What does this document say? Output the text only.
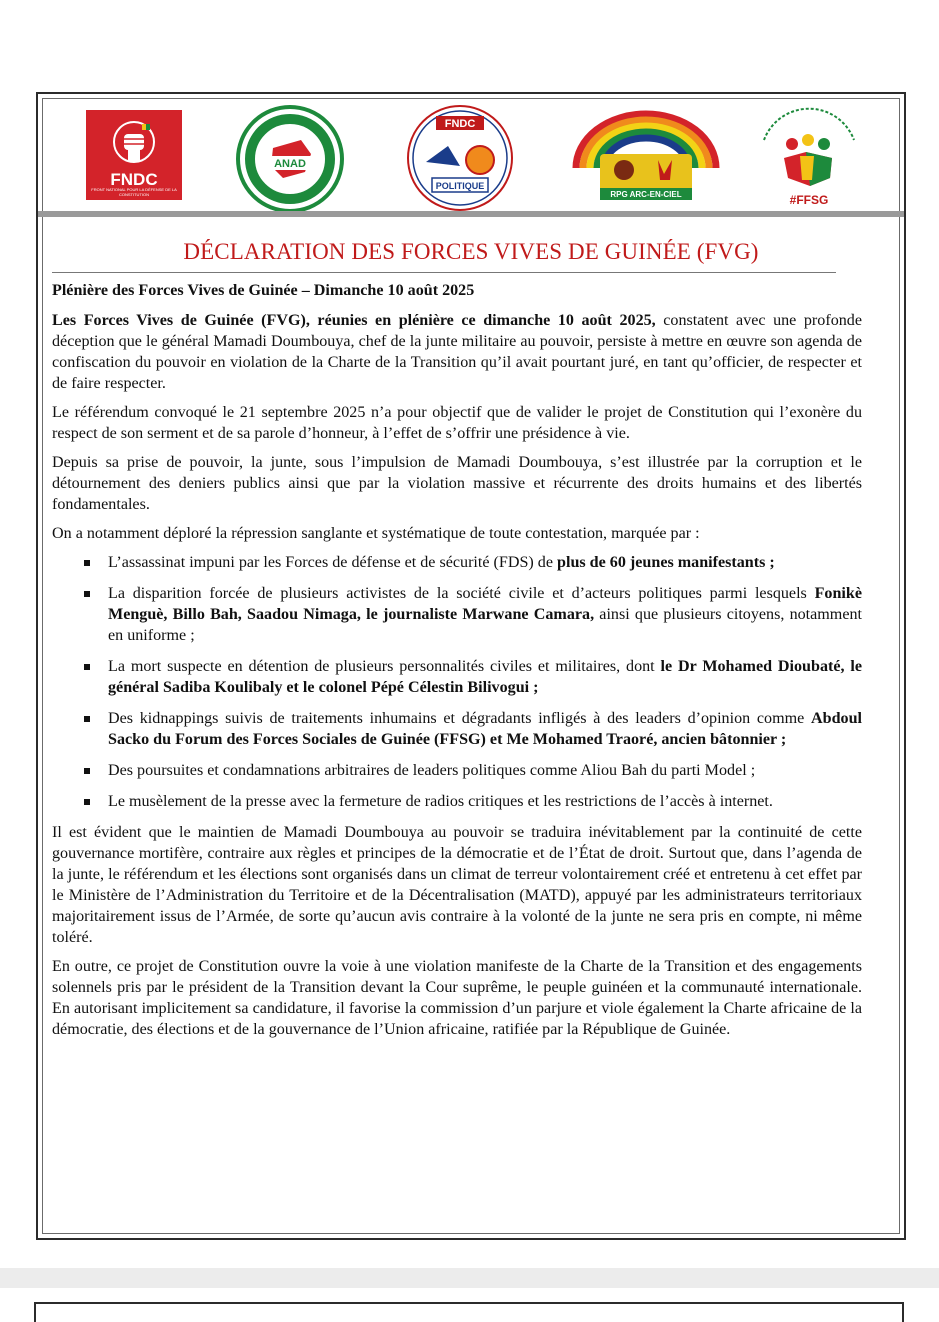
FNDC
FRONT NATIONAL POUR LA DÉFENSE DE LA CONSTITUTION
ANAD
FNDC
POLITIQUE
RPG ARC-EN-CIEL	#FFSG
DÉCLARATION DES FORCES VIVES DE GUINÉE (FVG)

Plénière des Forces Vives de Guinée – Dimanche 10 août 2025

Les Forces Vives de Guinée (FVG), réunies en plénière ce dimanche 10 août 2025, constatent avec une profonde déception que le général Mamadi Doumbouya, chef de la junte militaire au pouvoir, persiste à mettre en œuvre son agenda de confiscation du pouvoir en violation de la Charte de la Transition qu’il avait pourtant juré, en tant qu’officier, de respecter et de faire respecter.

Le référendum convoqué le 21 septembre 2025 n’a pour objectif que de valider le projet de Constitution qui l’exonère du respect de son serment et de sa parole d’honneur, à l’effet de s’offrir une présidence à vie.

Depuis sa prise de pouvoir, la junte, sous l’impulsion de Mamadi Doumbouya, s’est illustrée par la corruption et le détournement des deniers publics ainsi que par la violation massive et récurrente des droits humains et des libertés fondamentales.

On a notamment déploré la répression sanglante et systématique de toute contestation, marquée par :

L’assassinat impuni par les Forces de défense et de sécurité (FDS) de plus de 60 jeunes manifestants ;
La disparition forcée de plusieurs activistes de la société civile et d’acteurs politiques parmi lesquels Fonikè Menguè, Billo Bah, Saadou Nimaga, le journaliste Marwane Camara, ainsi que plusieurs citoyens, notamment en uniforme ;
La mort suspecte en détention de plusieurs personnalités civiles et militaires, dont le Dr Mohamed Dioubaté, le général Sadiba Koulibaly et le colonel Pépé Célestin Bilivogui ;
Des kidnappings suivis de traitements inhumains et dégradants infligés à des leaders d’opinion comme Abdoul Sacko du Forum des Forces Sociales de Guinée (FFSG) et Me Mohamed Traoré, ancien bâtonnier ;
Des poursuites et condamnations arbitraires de leaders politiques comme Aliou Bah du parti Model ;
Le musèlement de la presse avec la fermeture de radios critiques et les restrictions de l’accès à internet.

Il est évident que le maintien de Mamadi Doumbouya au pouvoir se traduira inévitablement par la continuité de cette gouvernance mortifère, contraire aux règles et principes de la démocratie et de l’État de droit. Surtout que, dans l’agenda de la junte, le référendum et les élections sont organisés dans un climat de terreur volontairement créé et entretenu à cet effet par le Ministère de l’Administration du Territoire et de la Décentralisation (MATD), appuyé par les administrateurs territoriaux majoritairement issus de l’Armée, de sorte qu’aucun avis contraire à la volonté de la junte ne sera pris en compte, ni même toléré.

En outre, ce projet de Constitution ouvre la voie à une violation manifeste de la Charte de la Transition et des engagements solennels pris par le président de la Transition devant la Cour suprême, le peuple guinéen et la communauté internationale. En autorisant implicitement sa candidature, il favorise la commission d’un parjure et viole également la Charte africaine de la démocratie, des élections et de la gouvernance de l’Union africaine, ratifiée par la République de Guinée.
